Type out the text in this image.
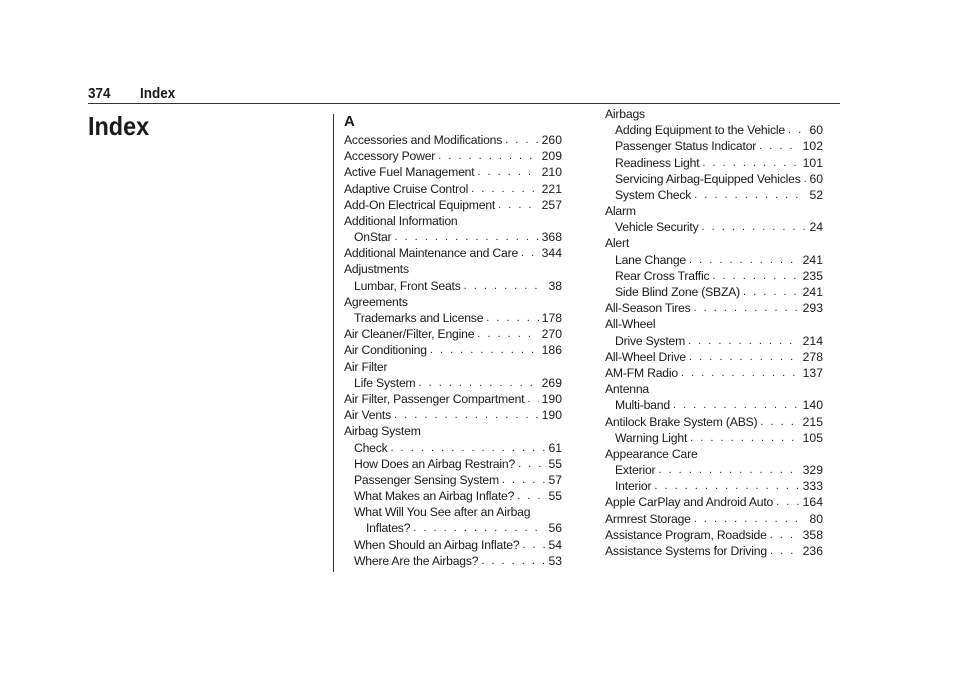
374 Index
Index	A
Accessories and Modifications . . .	260
Accessory Power . . .	209
Active Fuel Management . . .	210
Adaptive Cruise Control . . .	221
Add-On Electrical Equipment . . .	257
Additional Information
OnStar . . .	368
Additional Maintenance and Care . . . 344
Adjustments
Lumbar, Front Seats . . .	38
Agreements
Trademarks and License . . .	178
Air Cleaner/Filter, Engine . . .	270
Air Conditioning . . .	186
Air Filter
Life System . . .	269
Air Filter, Passenger Compartment . . . 190
Air Vents . . .	190
Airbag System
Check . . .	61
How Does an Airbag Restrain? . . .	55
Passenger Sensing System . . .	57
What Makes an Airbag Inflate? . . .	55
What Will You See after an Airbag
Inflates? . . .	56
When Should an Airbag Inflate? . . . 54
Where Are the Airbags? . . .	53
Airbags
Adding Equipment to the Vehicle . . . 60
Passenger Status Indicator . . .	102
Readiness Light . . .	101
Servicing Airbag-Equipped Vehicles . . . 60
System Check . . .	52
Alarm
Vehicle Security . . .	24
Alert
Lane Change . . .	241
Rear Cross Traffic . . .	235
Side Blind Zone (SBZA) . . .	241
All-Season Tires . . .	293
All-Wheel
Drive System . . .	214
All-Wheel Drive . . .	278
AM-FM Radio . . .	137
Antenna
Multi-band . . .	140
Antilock Brake System (ABS) . . .	215
Warning Light . . .	105
Appearance Care
Exterior . . .	329
Interior . . .	333
Apple CarPlay and Android Auto . . . 164
Armrest Storage . . .	80
Assistance Program, Roadside . . .	358
Assistance Systems for Driving . . .	236
